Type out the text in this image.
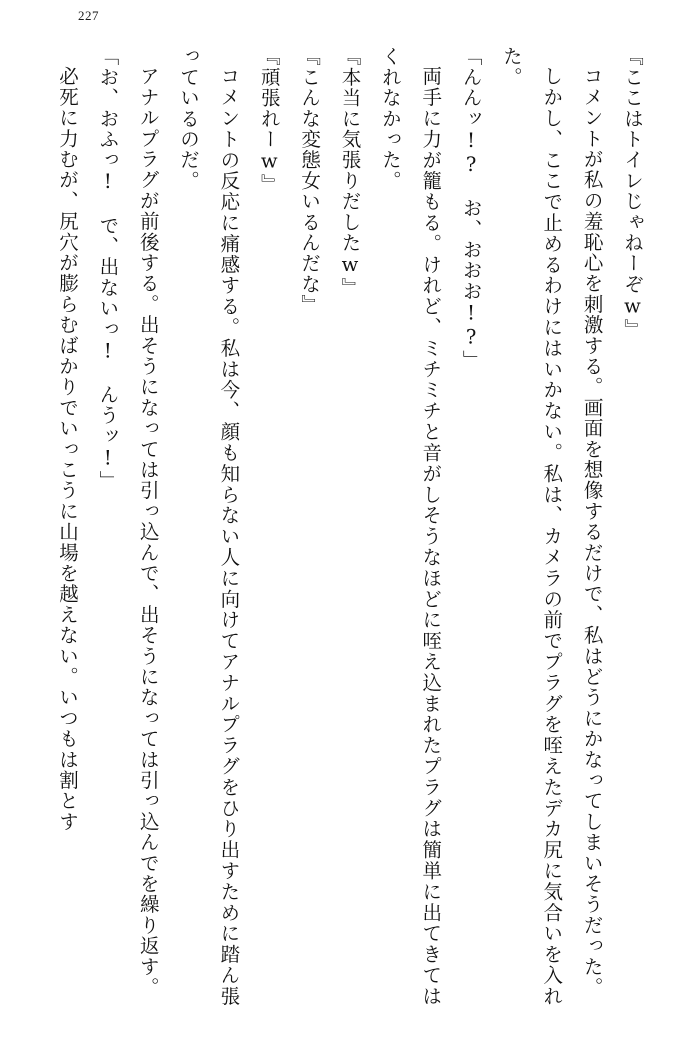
227

『ここはトイレじゃねーぞw』

コメントが私の羞恥心を刺激する。画面を想像するだけで、私はどうにかなってしまいそうだった。

しかし、ここで止めるわけにはいかない。私は、カメラの前でプラグを咥えたデカ尻に気合いを入れた。

「んんッ!?　お、おおお!?」

両手に力が籠もる。けれど、ミチミチと音がしそうなほどに咥え込まれたプラグは簡単に出てきてはくれなかった。

『本当に気張りだしたw』

『こんな変態女いるんだな』

『頑張れーw』

コメントの反応に痛感する。私は今、顔も知らない人に向けてアナルプラグをひり出すために踏ん張っているのだ。

アナルプラグが前後する。出そうになっては引っ込んで、出そうになっては引っ込んでを繰り返す。

「お、おふっ!　で、出ないっ!　んうッ!」

必死に力むが、尻穴が膨らむばかりでいっこうに山場を越えない。いつもは割とす
